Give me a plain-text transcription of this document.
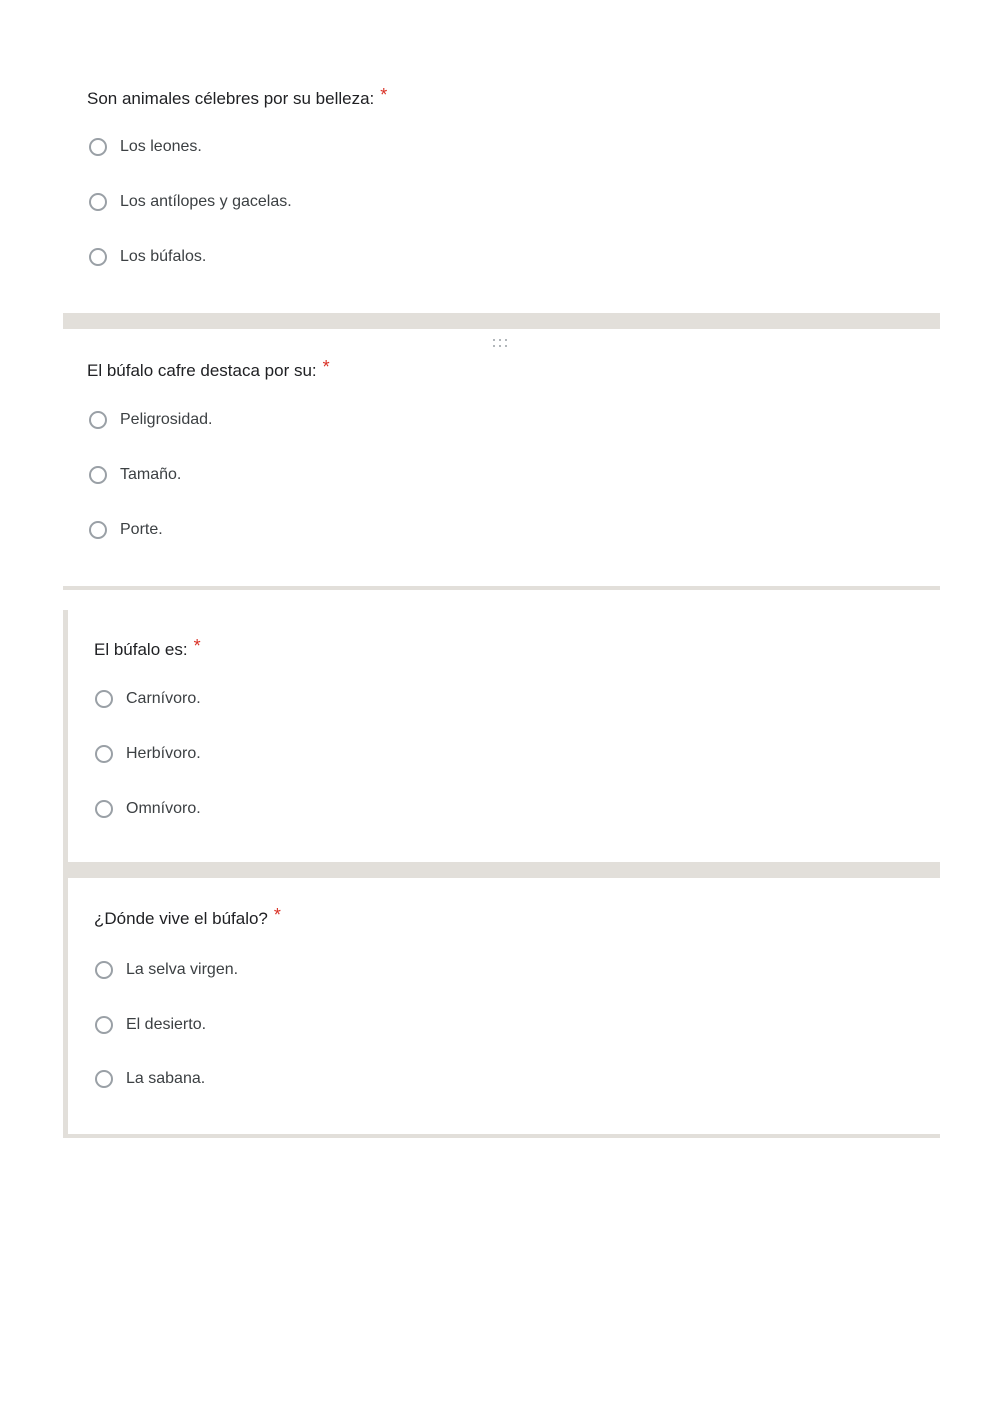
Son animales célebres por su belleza: *
Los leones.
Los antílopes y gacelas.
Los búfalos.
El búfalo cafre destaca por su: *
Peligrosidad.
Tamaño.
Porte.
El búfalo es: *
Carnívoro.
Herbívoro.
Omnívoro.
¿Dónde vive el búfalo? *
La selva virgen.
El desierto.
La sabana.
